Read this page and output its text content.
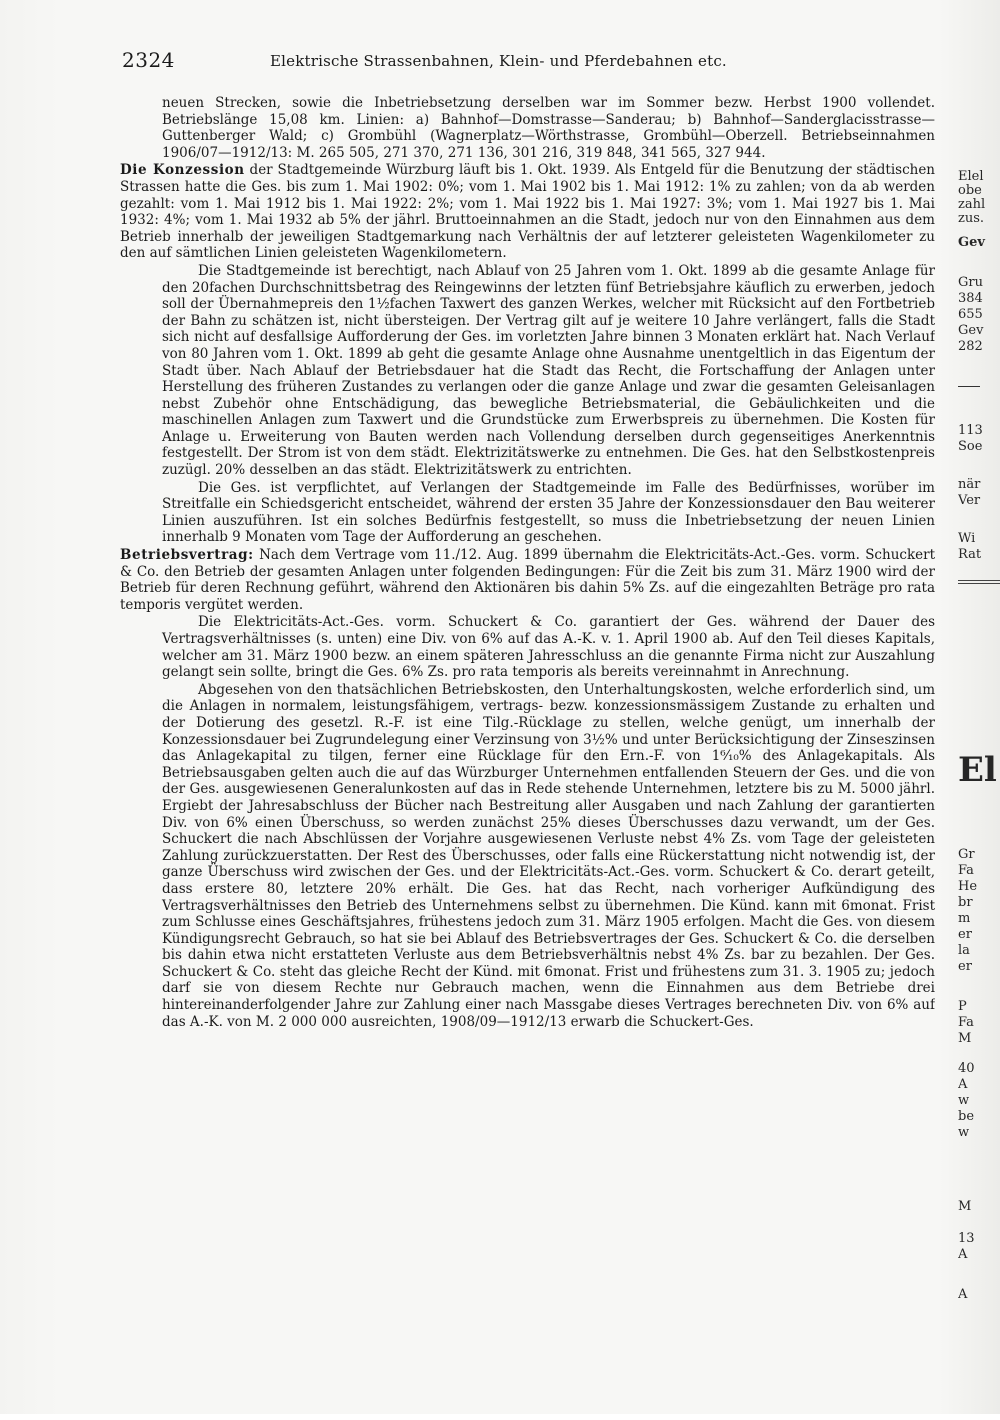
2324	Elektrische Strassenbahnen, Klein- und Pferdebahnen etc.

neuen Strecken, sowie die Inbetriebsetzung derselben war im Sommer bezw. Herbst 1900 vollendet. Betriebslänge 15,08 km. Linien: a) Bahnhof—Domstrasse—Sanderau; b) Bahnhof—Sanderglacisstrasse—Guttenberger Wald; c) Grombühl (Wagnerplatz—Wörthstrasse, Grombühl—Oberzell. Betriebseinnahmen 1906/07—1912/13: M. 265 505, 271 370, 271 136, 301 216, 319 848, 341 565, 327 944.

Die Konzession der Stadtgemeinde Würzburg läuft bis 1. Okt. 1939. Als Entgeld für die Benutzung der städtischen Strassen hatte die Ges. bis zum 1. Mai 1902: 0%; vom 1. Mai 1902 bis 1. Mai 1912: 1% zu zahlen; von da ab werden gezahlt: vom 1. Mai 1912 bis 1. Mai 1922: 2%; vom 1. Mai 1922 bis 1. Mai 1927: 3%; vom 1. Mai 1927 bis 1. Mai 1932: 4%; vom 1. Mai 1932 ab 5% der jährl. Bruttoeinnahmen an die Stadt, jedoch nur von den Einnahmen aus dem Betrieb innerhalb der jeweiligen Stadtgemarkung nach Verhältnis der auf letzterer geleisteten Wagenkilometer zu den auf sämtlichen Linien geleisteten Wagenkilometern.

Die Stadtgemeinde ist berechtigt, nach Ablauf von 25 Jahren vom 1. Okt. 1899 ab die gesamte Anlage für den 20fachen Durchschnittsbetrag des Reingewinns der letzten fünf Betriebsjahre käuflich zu erwerben, jedoch soll der Übernahmepreis den 1½fachen Taxwert des ganzen Werkes, welcher mit Rücksicht auf den Fortbetrieb der Bahn zu schätzen ist, nicht übersteigen. Der Vertrag gilt auf je weitere 10 Jahre verlängert, falls die Stadt sich nicht auf desfallsige Aufforderung der Ges. im vorletzten Jahre binnen 3 Monaten erklärt hat. Nach Verlauf von 80 Jahren vom 1. Okt. 1899 ab geht die gesamte Anlage ohne Ausnahme unentgeltlich in das Eigentum der Stadt über. Nach Ablauf der Betriebsdauer hat die Stadt das Recht, die Fortschaffung der Anlagen unter Herstellung des früheren Zustandes zu verlangen oder die ganze Anlage und zwar die gesamten Geleisanlagen nebst Zubehör ohne Entschädigung, das bewegliche Betriebsmaterial, die Gebäulichkeiten und die maschinellen Anlagen zum Taxwert und die Grundstücke zum Erwerbspreis zu übernehmen. Die Kosten für Anlage u. Erweiterung von Bauten werden nach Vollendung derselben durch gegenseitiges Anerkenntnis festgestellt. Der Strom ist von dem städt. Elektrizitätswerke zu entnehmen. Die Ges. hat den Selbstkostenpreis zuzügl. 20% desselben an das städt. Elektrizitätswerk zu entrichten.

Die Ges. ist verpflichtet, auf Verlangen der Stadtgemeinde im Falle des Bedürfnisses, worüber im Streitfalle ein Schiedsgericht entscheidet, während der ersten 35 Jahre der Konzessionsdauer den Bau weiterer Linien auszuführen. Ist ein solches Bedürfnis festgestellt, so muss die Inbetriebsetzung der neuen Linien innerhalb 9 Monaten vom Tage der Aufforderung an geschehen.

Betriebsvertrag: Nach dem Vertrage vom 11./12. Aug. 1899 übernahm die Elektricitäts-Act.-Ges. vorm. Schuckert & Co. den Betrieb der gesamten Anlagen unter folgenden Bedingungen: Für die Zeit bis zum 31. März 1900 wird der Betrieb für deren Rechnung geführt, während den Aktionären bis dahin 5% Zs. auf die eingezahlten Beträge pro rata temporis vergütet werden.

Die Elektricitäts-Act.-Ges. vorm. Schuckert & Co. garantiert der Ges. während der Dauer des Vertragsverhältnisses (s. unten) eine Div. von 6% auf das A.-K. v. 1. April 1900 ab. Auf den Teil dieses Kapitals, welcher am 31. März 1900 bezw. an einem späteren Jahresschluss an die genannte Firma nicht zur Auszahlung gelangt sein sollte, bringt die Ges. 6% Zs. pro rata temporis als bereits vereinnahmt in Anrechnung.

Abgesehen von den thatsächlichen Betriebskosten, den Unterhaltungskosten, welche erforderlich sind, um die Anlagen in normalem, leistungsfähigem, vertrags- bezw. konzessionsmässigem Zustande zu erhalten und der Dotierung des gesetzl. R.-F. ist eine Tilg.-Rücklage zu stellen, welche genügt, um innerhalb der Konzessionsdauer bei Zugrundelegung einer Verzinsung von 3½% und unter Berücksichtigung der Zinseszinsen das Anlagekapital zu tilgen, ferner eine Rücklage für den Ern.-F. von 1⁶⁄₁₀% des Anlagekapitals. Als Betriebsausgaben gelten auch die auf das Würzburger Unternehmen entfallenden Steuern der Ges. und die von der Ges. ausgewiesenen Generalunkosten auf das in Rede stehende Unternehmen, letztere bis zu M. 5000 jährl. Ergiebt der Jahresabschluss der Bücher nach Bestreitung aller Ausgaben und nach Zahlung der garantierten Div. von 6% einen Überschuss, so werden zunächst 25% dieses Überschusses dazu verwandt, um der Ges. Schuckert die nach Abschlüssen der Vorjahre ausgewiesenen Verluste nebst 4% Zs. vom Tage der geleisteten Zahlung zurückzuerstatten. Der Rest des Überschusses, oder falls eine Rückerstattung nicht notwendig ist, der ganze Überschuss wird zwischen der Ges. und der Elektricitäts-Act.-Ges. vorm. Schuckert & Co. derart geteilt, dass erstere 80, letztere 20% erhält. Die Ges. hat das Recht, nach vorheriger Aufkündigung des Vertragsverhältnisses den Betrieb des Unternehmens selbst zu übernehmen. Die Künd. kann mit 6monat. Frist zum Schlusse eines Geschäftsjahres, frühestens jedoch zum 31. März 1905 erfolgen. Macht die Ges. von diesem Kündigungsrecht Gebrauch, so hat sie bei Ablauf des Betriebsvertrages der Ges. Schuckert & Co. die derselben bis dahin etwa nicht erstatteten Verluste aus dem Betriebsverhältnis nebst 4% Zs. bar zu bezahlen. Der Ges. Schuckert & Co. steht das gleiche Recht der Künd. mit 6monat. Frist und frühestens zum 31. 3. 1905 zu; jedoch darf sie von diesem Rechte nur Gebrauch machen, wenn die Einnahmen aus dem Betriebe drei hintereinanderfolgender Jahre zur Zahlung einer nach Massgabe dieses Vertrages berechneten Div. von 6% auf das A.-K. von M. 2 000 000 ausreichten, 1908/09—1912/13 erwarb die Schuckert-Ges.

Elel
obe
zahl
zus.
Gev
Gru
384
655
Gev
282
113
Soe
när
Ver
Wi
Rat
El
Gr
Fa
He
br
m
er
la
er
P
Fa
M
40
A
w
be
w
M
13
A
A
